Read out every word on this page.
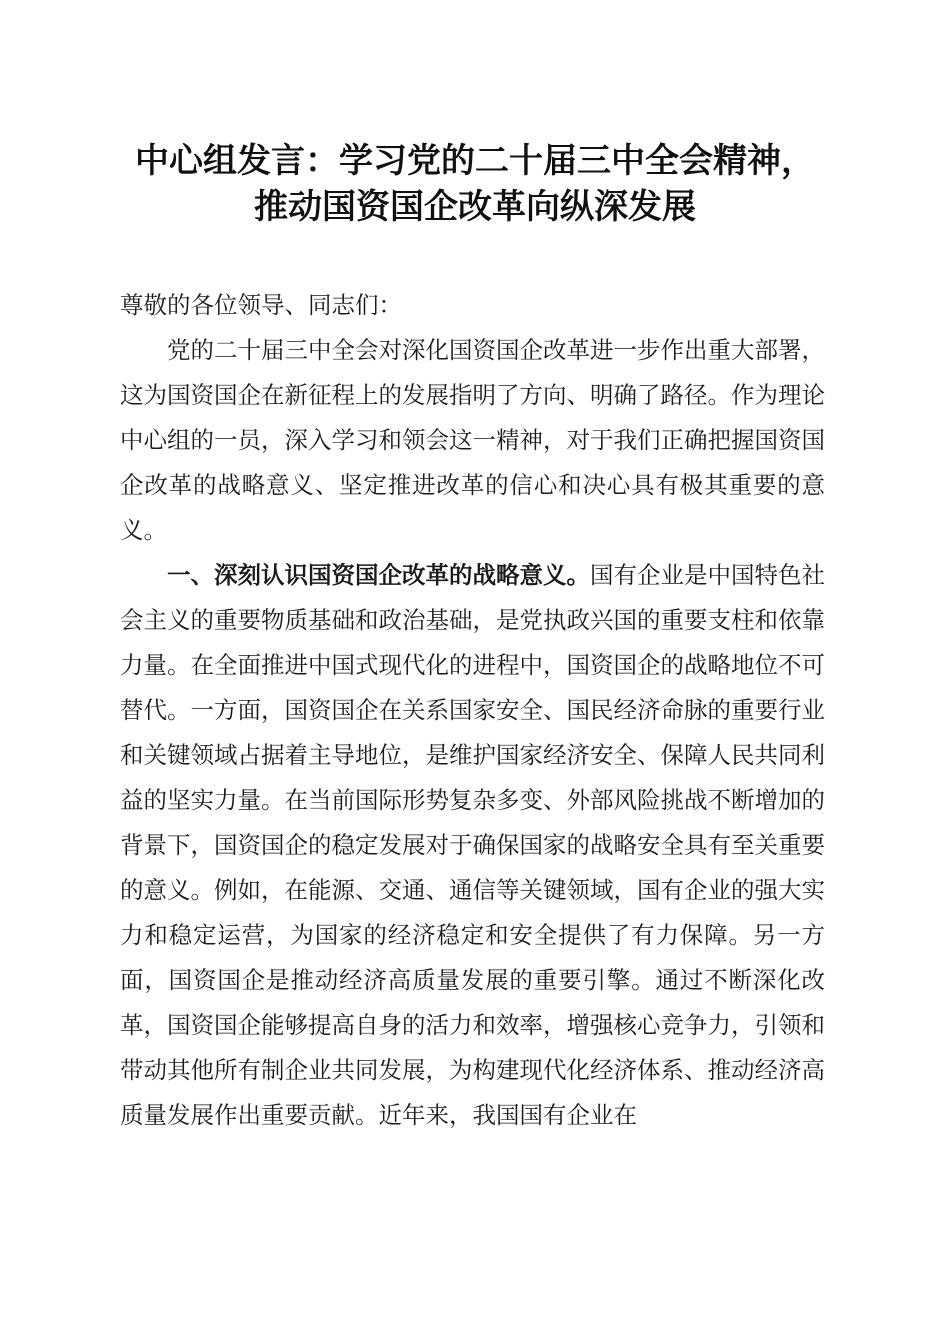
中心组发言：学习党的二十届三中全会精神，
推动国资国企改革向纵深发展

尊敬的各位领导、同志们：

党的二十届三中全会对深化国资国企改革进一步作出重大部署，这为国资国企在新征程上的发展指明了方向、明确了路径。作为理论中心组的一员，深入学习和领会这一精神，对于我们正确把握国资国企改革的战略意义、坚定推进改革的信心和决心具有极其重要的意义。

一、深刻认识国资国企改革的战略意义。国有企业是中国特色社会主义的重要物质基础和政治基础，是党执政兴国的重要支柱和依靠力量。在全面推进中国式现代化的进程中，国资国企的战略地位不可替代。一方面，国资国企在关系国家安全、国民经济命脉的重要行业和关键领域占据着主导地位，是维护国家经济安全、保障人民共同利益的坚实力量。在当前国际形势复杂多变、外部风险挑战不断增加的背景下，国资国企的稳定发展对于确保国家的战略安全具有至关重要的意义。例如，在能源、交通、通信等关键领域，国有企业的强大实力和稳定运营，为国家的经济稳定和安全提供了有力保障。另一方面，国资国企是推动经济高质量发展的重要引擎。通过不断深化改革，国资国企能够提高自身的活力和效率，增强核心竞争力，引领和带动其他所有制企业共同发展，为构建现代化经济体系、推动经济高质量发展作出重要贡献。近年来，我国国有企业在
